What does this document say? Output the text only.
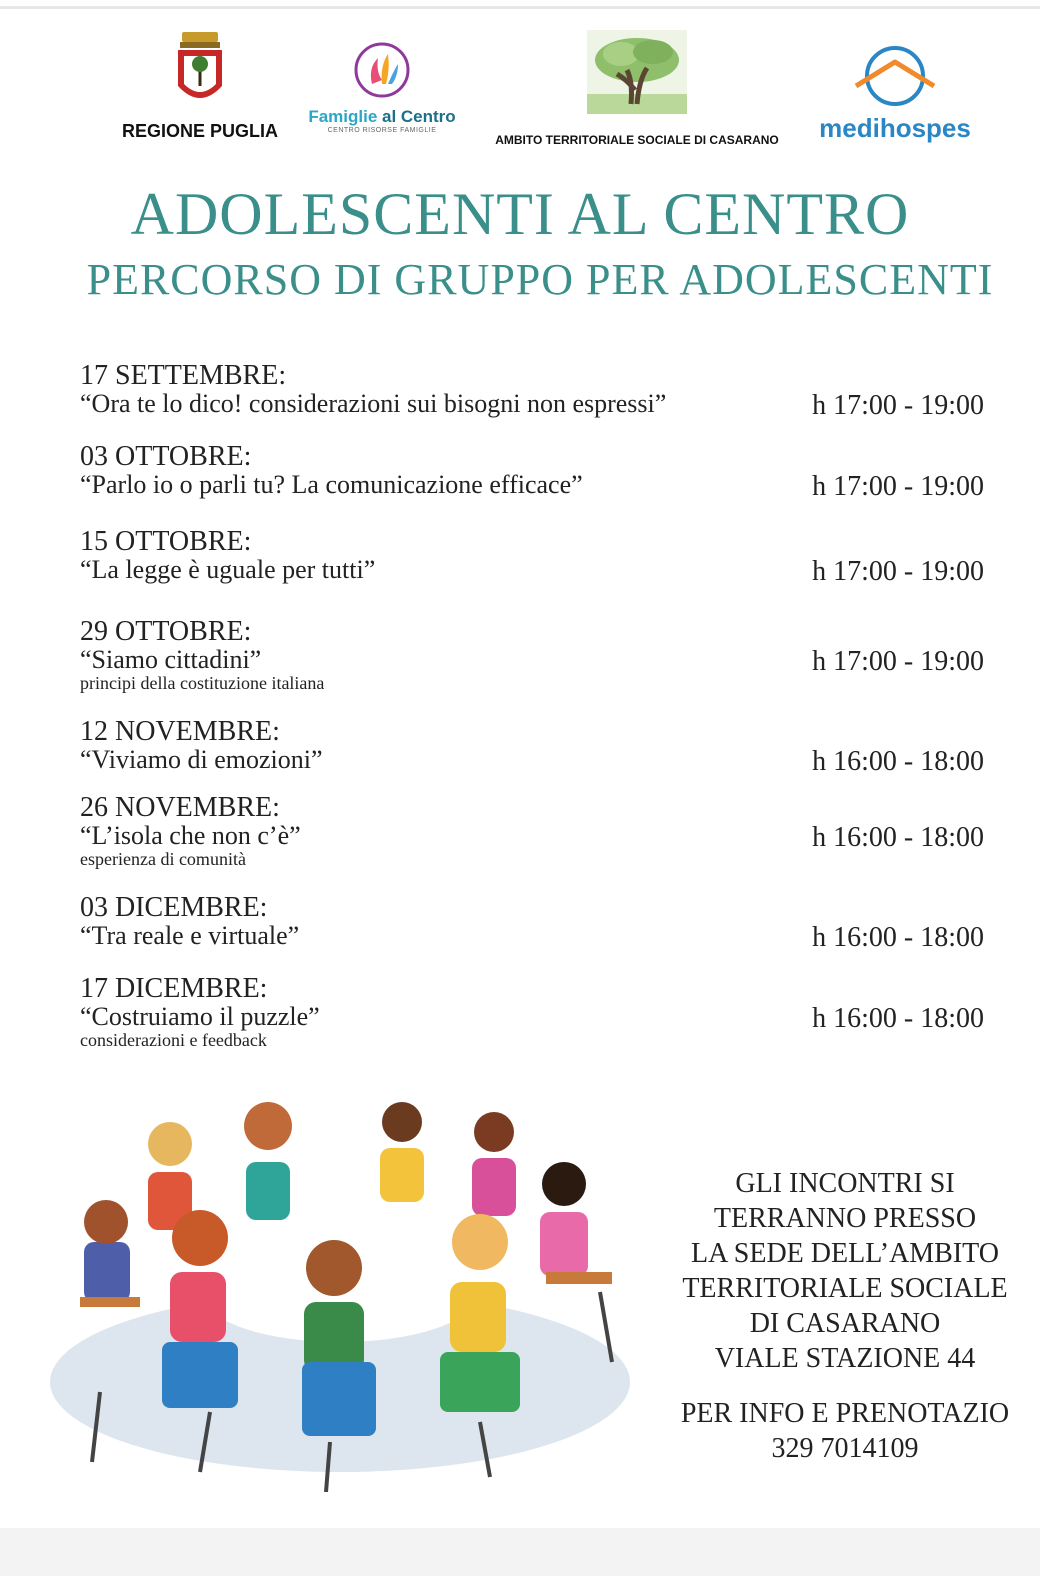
REGIONE PUGLIA
Famiglie al Centro
CENTRO RISORSE FAMIGLIE
AMBITO TERRITORIALE SOCIALE DI CASARANO	medihospes
ADOLESCENTI AL CENTRO
PERCORSO DI GRUPPO PER ADOLESCENTI
17 SETTEMBRE:
“Ora te lo dico! considerazioni sui bisogni non espressi”	h 17:00 - 19:00
03 OTTOBRE:
“Parlo io o parli tu? La comunicazione efficace”	h 17:00 - 19:00
15 OTTOBRE:
“La legge è uguale per tutti”	h 17:00 - 19:00
29 OTTOBRE:
“Siamo cittadini”
principi della costituzione italiana
h 17:00 - 19:00
12 NOVEMBRE:
“Viviamo di emozioni”	h 16:00 - 18:00
26 NOVEMBRE:
“L’isola che non c’è”
esperienza di comunità
h 16:00 - 18:00
03 DICEMBRE:
“Tra reale e virtuale”	h 16:00 - 18:00
17 DICEMBRE:
“Costruiamo il puzzle”
considerazioni e feedback
h 16:00 - 18:00
GLI INCONTRI SI
TERRANNO PRESSO
LA SEDE DELL’AMBITO
TERRITORIALE SOCIALE
DI CASARANO
VIALE STAZIONE 44
PER INFO E PRENOTAZIO
329 7014109
